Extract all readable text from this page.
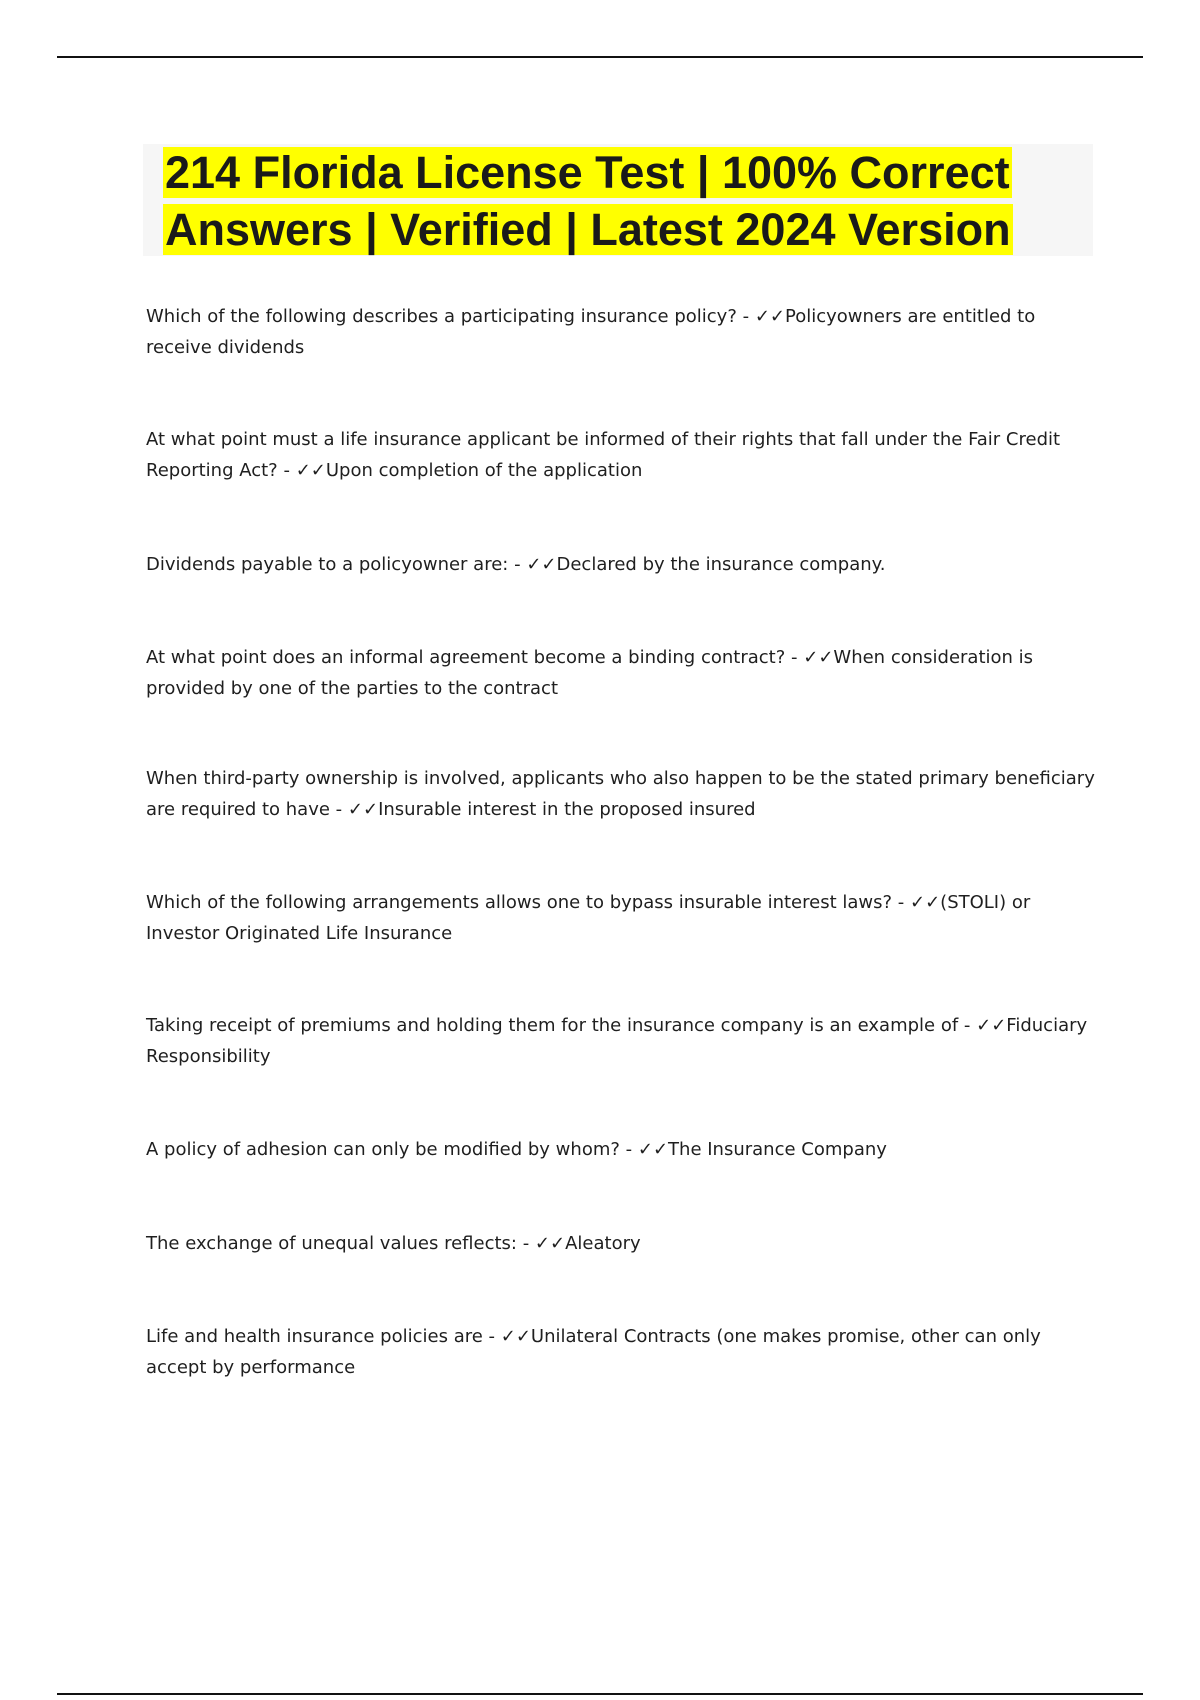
214 Florida License Test | 100% Correct Answers | Verified | Latest 2024 Version

Which of the following describes a participating insurance policy? - ✓✓Policyowners are entitled to receive dividends

At what point must a life insurance applicant be informed of their rights that fall under the Fair Credit Reporting Act? - ✓✓Upon completion of the application

Dividends payable to a policyowner are: - ✓✓Declared by the insurance company.

At what point does an informal agreement become a binding contract? - ✓✓When consideration is provided by one of the parties to the contract

When third-party ownership is involved, applicants who also happen to be the stated primary beneficiary are required to have - ✓✓Insurable interest in the proposed insured

Which of the following arrangements allows one to bypass insurable interest laws? - ✓✓(STOLI) or Investor Originated Life Insurance

Taking receipt of premiums and holding them for the insurance company is an example of - ✓✓Fiduciary Responsibility

A policy of adhesion can only be modified by whom? - ✓✓The Insurance Company

The exchange of unequal values reflects: - ✓✓Aleatory

Life and health insurance policies are - ✓✓Unilateral Contracts (one makes promise, other can only accept by performance
